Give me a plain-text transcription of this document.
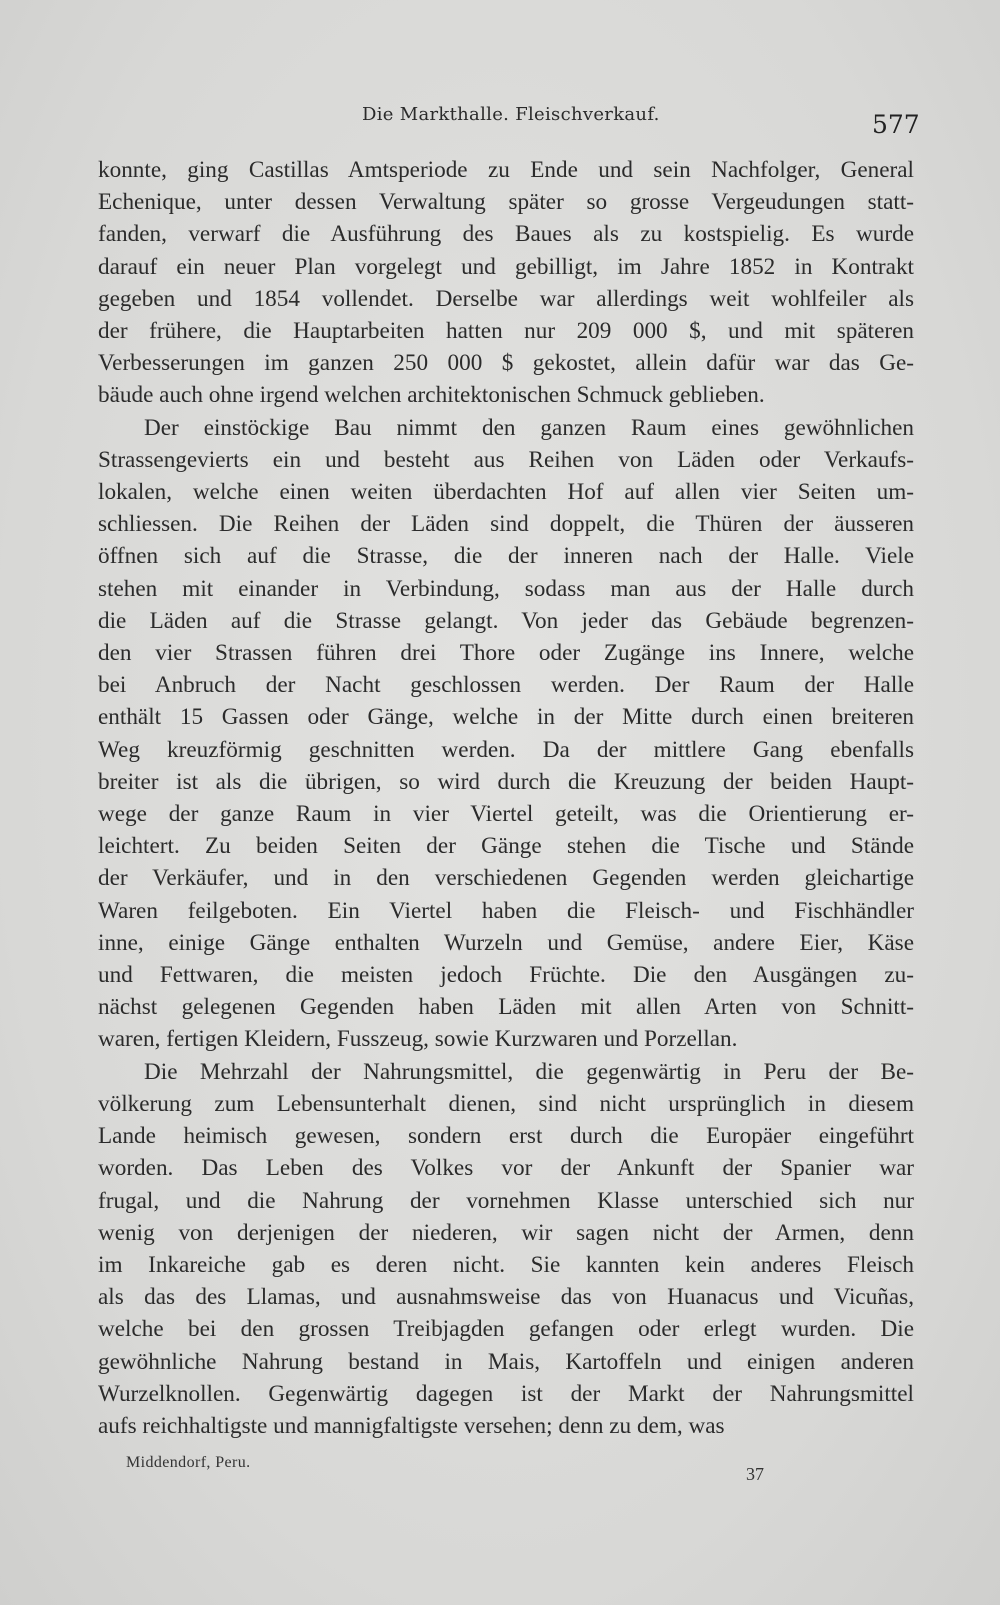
Die Markthalle. Fleischverkauf.	577

konnte, ging Castillas Amtsperiode zu Ende und sein Nachfolger, General
Echenique, unter dessen Verwaltung später so grosse Vergeudungen statt-
fanden, verwarf die Ausführung des Baues als zu kostspielig. Es wurde
darauf ein neuer Plan vorgelegt und gebilligt, im Jahre 1852 in Kontrakt
gegeben und 1854 vollendet. Derselbe war allerdings weit wohlfeiler als
der frühere, die Hauptarbeiten hatten nur 209 000 $, und mit späteren
Verbesserungen im ganzen 250 000 $ gekostet, allein dafür war das Ge-
bäude auch ohne irgend welchen architektonischen Schmuck geblieben.

Der einstöckige Bau nimmt den ganzen Raum eines gewöhnlichen
Strassengevierts ein und besteht aus Reihen von Läden oder Verkaufs-
lokalen, welche einen weiten überdachten Hof auf allen vier Seiten um-
schliessen. Die Reihen der Läden sind doppelt, die Thüren der äusseren
öffnen sich auf die Strasse, die der inneren nach der Halle. Viele
stehen mit einander in Verbindung, sodass man aus der Halle durch
die Läden auf die Strasse gelangt. Von jeder das Gebäude begrenzen-
den vier Strassen führen drei Thore oder Zugänge ins Innere, welche
bei Anbruch der Nacht geschlossen werden. Der Raum der Halle
enthält 15 Gassen oder Gänge, welche in der Mitte durch einen breiteren
Weg kreuzförmig geschnitten werden. Da der mittlere Gang ebenfalls
breiter ist als die übrigen, so wird durch die Kreuzung der beiden Haupt-
wege der ganze Raum in vier Viertel geteilt, was die Orientierung er-
leichtert. Zu beiden Seiten der Gänge stehen die Tische und Stände
der Verkäufer, und in den verschiedenen Gegenden werden gleichartige
Waren feilgeboten. Ein Viertel haben die Fleisch- und Fischhändler
inne, einige Gänge enthalten Wurzeln und Gemüse, andere Eier, Käse
und Fettwaren, die meisten jedoch Früchte. Die den Ausgängen zu-
nächst gelegenen Gegenden haben Läden mit allen Arten von Schnitt-
waren, fertigen Kleidern, Fusszeug, sowie Kurzwaren und Porzellan.

Die Mehrzahl der Nahrungsmittel, die gegenwärtig in Peru der Be-
völkerung zum Lebensunterhalt dienen, sind nicht ursprünglich in diesem
Lande heimisch gewesen, sondern erst durch die Europäer eingeführt
worden. Das Leben des Volkes vor der Ankunft der Spanier war
frugal, und die Nahrung der vornehmen Klasse unterschied sich nur
wenig von derjenigen der niederen, wir sagen nicht der Armen, denn
im Inkareiche gab es deren nicht. Sie kannten kein anderes Fleisch
als das des Llamas, und ausnahmsweise das von Huanacus und Vicuñas,
welche bei den grossen Treibjagden gefangen oder erlegt wurden. Die
gewöhnliche Nahrung bestand in Mais, Kartoffeln und einigen anderen
Wurzelknollen. Gegenwärtig dagegen ist der Markt der Nahrungsmittel
aufs reichhaltigste und mannigfaltigste versehen; denn zu dem, was

Middendorf, Peru.
37
